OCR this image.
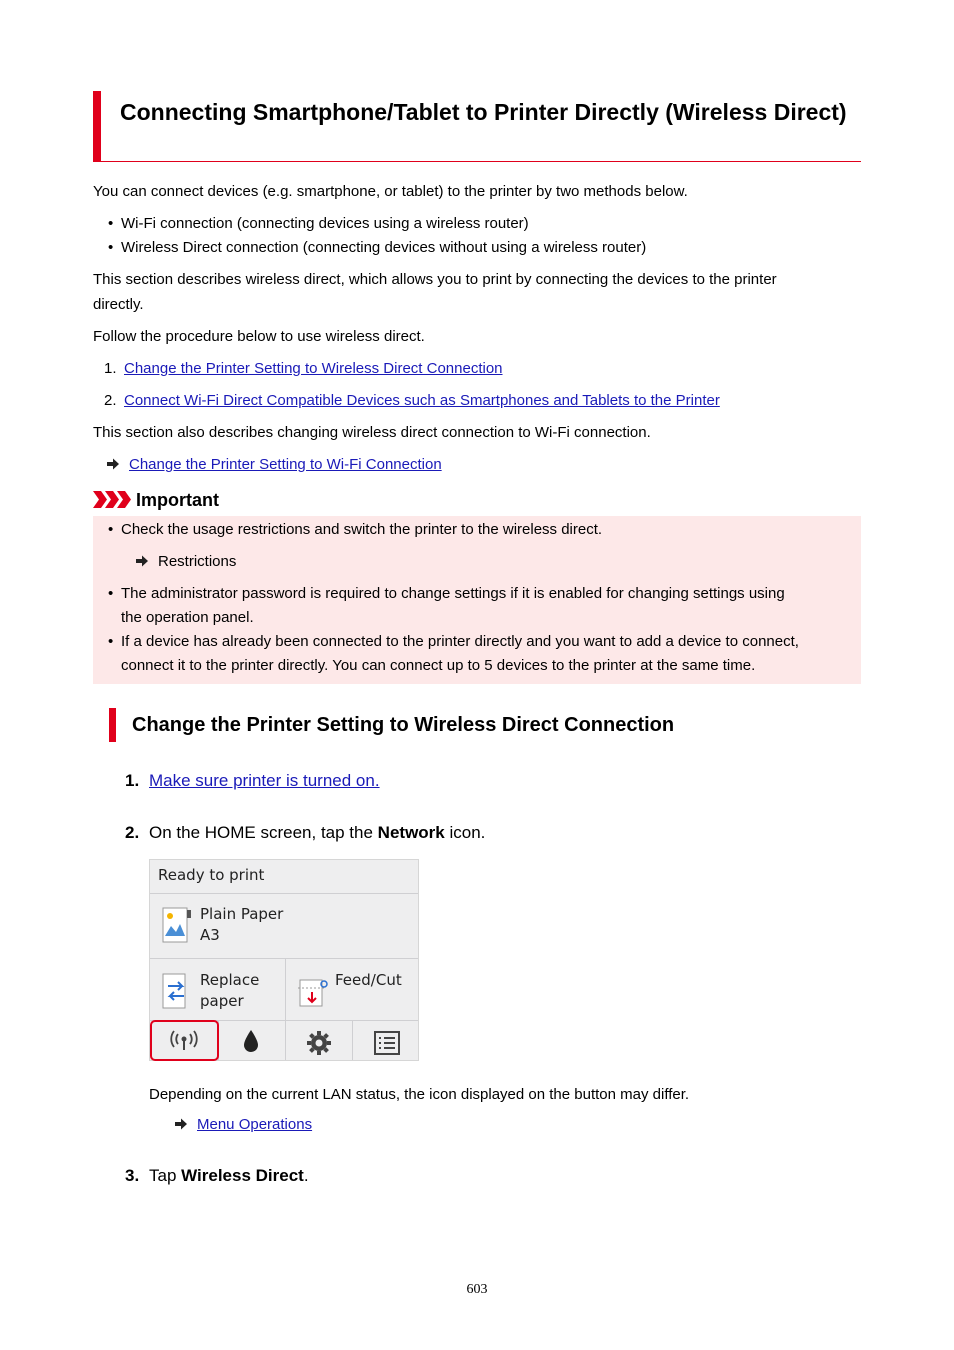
Connecting Smartphone/Tablet to Printer Directly (Wireless Direct)

You can connect devices (e.g. smartphone, or tablet) to the printer by two methods below.

• Wi-Fi connection (connecting devices using a wireless router)
• Wireless Direct connection (connecting devices without using a wireless router)

This section describes wireless direct, which allows you to print by connecting the devices to the printer

directly.

Follow the procedure below to use wireless direct.

1. Change the Printer Setting to Wireless Direct Connection
2. Connect Wi-Fi Direct Compatible Devices such as Smartphones and Tablets to the Printer

This section also describes changing wireless direct connection to Wi-Fi connection.

Change the Printer Setting to Wi-Fi Connection
Important
• Check the usage restrictions and switch the printer to the wireless direct.
Restrictions
• The administrator password is required to change settings if it is enabled for changing settings using
the operation panel.
• If a device has already been connected to the printer directly and you want to add a device to connect,
connect it to the printer directly. You can connect up to 5 devices to the printer at the same time.
Change the Printer Setting to Wireless Direct Connection
1. Make sure printer is turned on.
2. On the HOME screen, tap the Network icon.
Ready to print
Plain Paper
A3
Replace
paper
Feed/Cut
Depending on the current LAN status, the icon displayed on the button may differ.
Menu Operations
3. Tap Wireless Direct.
603
